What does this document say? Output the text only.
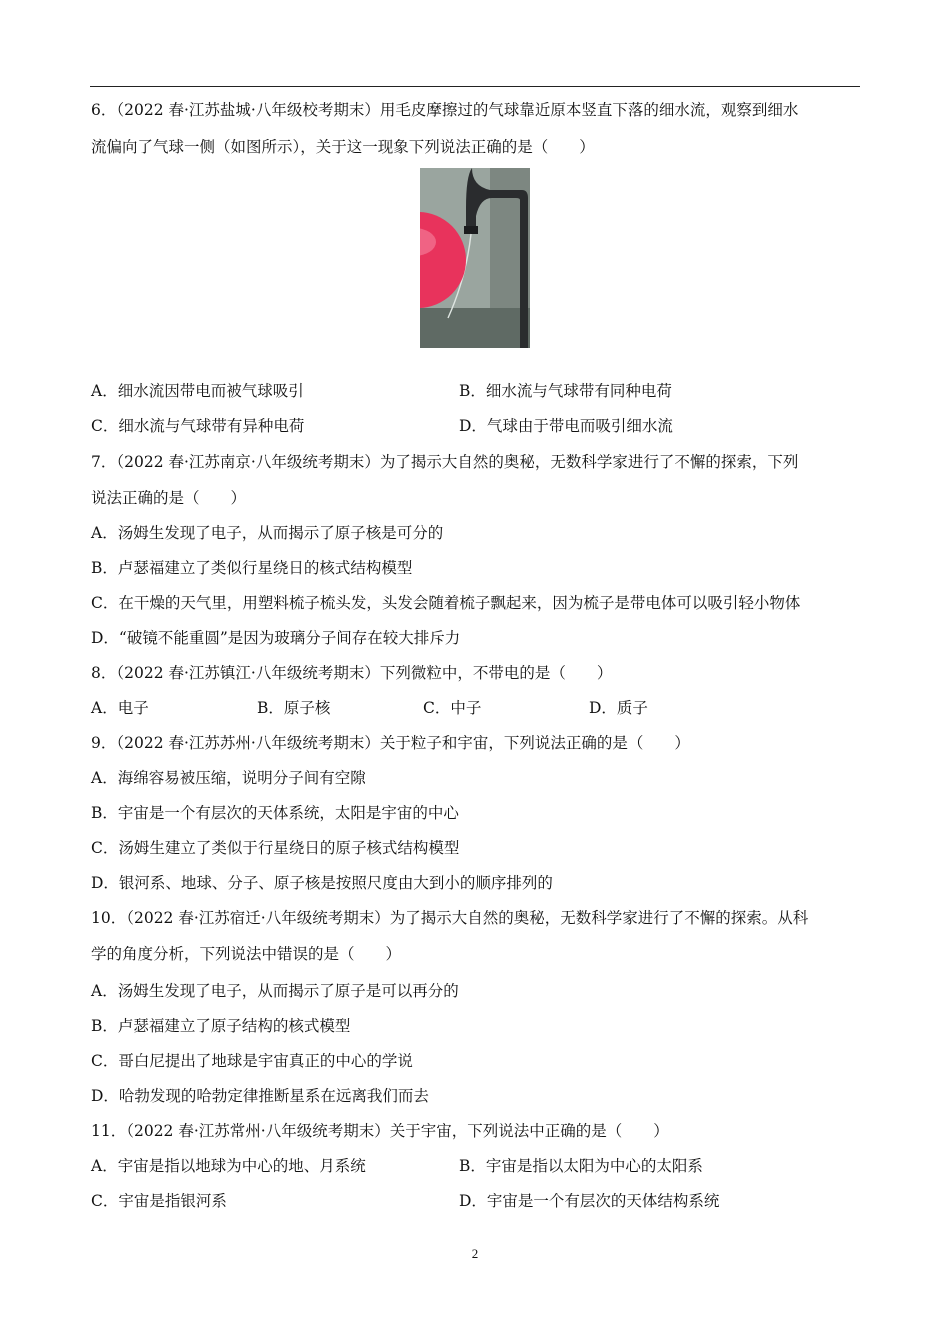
6．（2022 春·江苏盐城·八年级校考期末）用毛皮摩擦过的气球靠近原本竖直下落的细水流，观察到细水
流偏向了气球一侧（如图所示），关于这一现象下列说法正确的是（　　）
A．细水流因带电而被气球吸引	B．细水流与气球带有同种电荷
C．细水流与气球带有异种电荷	D．气球由于带电而吸引细水流
7．（2022 春·江苏南京·八年级统考期末）为了揭示大自然的奥秘，无数科学家进行了不懈的探索，下列
说法正确的是（　　）
A．汤姆生发现了电子，从而揭示了原子核是可分的
B．卢瑟福建立了类似行星绕日的核式结构模型
C．在干燥的天气里，用塑料梳子梳头发，头发会随着梳子飘起来，因为梳子是带电体可以吸引轻小物体
D．“破镜不能重圆”是因为玻璃分子间存在较大排斥力
8．（2022 春·江苏镇江·八年级统考期末）下列微粒中，不带电的是（　　）
A．电子	B．原子核	C．中子	D．质子
9．（2022 春·江苏苏州·八年级统考期末）关于粒子和宇宙，下列说法正确的是（　　）
A．海绵容易被压缩，说明分子间有空隙
B．宇宙是一个有层次的天体系统，太阳是宇宙的中心
C．汤姆生建立了类似于行星绕日的原子核式结构模型
D．银河系、地球、分子、原子核是按照尺度由大到小的顺序排列的
10．（2022 春·江苏宿迁·八年级统考期末）为了揭示大自然的奥秘，无数科学家进行了不懈的探索。从科
学的角度分析，下列说法中错误的是（　　）
A．汤姆生发现了电子，从而揭示了原子是可以再分的
B．卢瑟福建立了原子结构的核式模型
C．哥白尼提出了地球是宇宙真正的中心的学说
D．哈勃发现的哈勃定律推断星系在远离我们而去
11．（2022 春·江苏常州·八年级统考期末）关于宇宙，下列说法中正确的是（　　）
A．宇宙是指以地球为中心的地、月系统	B．宇宙是指以太阳为中心的太阳系
C．宇宙是指银河系	D．宇宙是一个有层次的天体结构系统
2
